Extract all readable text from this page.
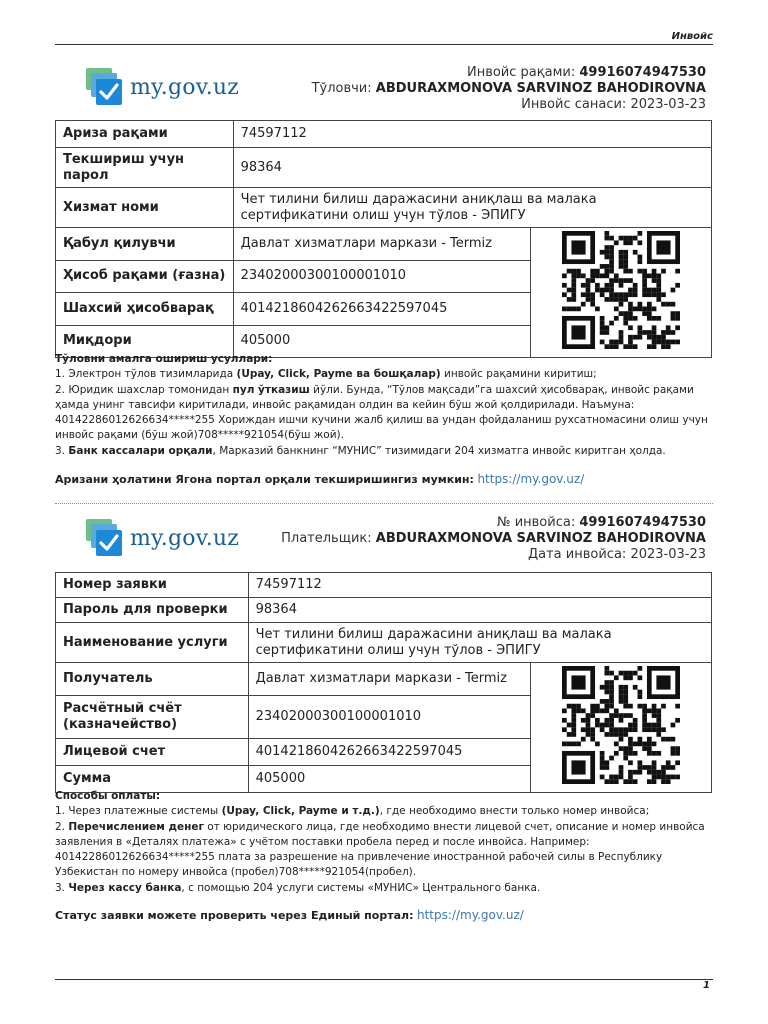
Инвойс
my.gov.uz
Инвойс рақами: 49916074947530
Тўловчи: ABDURAXMONOVA SARVINOZ BAHODIROVNA
Инвойс санаси: 2023-03-23
Ариза рақами	74597112	
Текшириш учун парол	98364	
Хизмат номи	Чет тилини билиш даражасини аниқлаш ва малака сертификатини олиш учун тўлов - ЭПИГУ	
Қабул қилувчи	Давлат хизматлари маркази - Termiz	
Ҳисоб рақами (ғазна)	23402000300100001010	
Шахсий ҳисобварақ	4014218604262663422597045	
Миқдори	405000	
Тўловни амалга ошириш усуллари:
1. Электрон тўлов тизимларида (Upay, Click, Payme ва бошқалар) инвойс рақамини киритиш;
2. Юридик шахслар томонидан пул ўтказиш йўли. Бунда, “Тўлов мақсади”га шахсий ҳисобварақ, инвойс рақами ҳамда унинг тавсифи киритилади, инвойс рақамидан олдин ва кейин бўш жой қолдирилади. Наъмуна: 40142286012626634*****255 Хориждан ишчи кучини жалб қилиш ва ундан фойдаланиш рухсатномасини олиш учун инвойс рақами (бўш жой)708*****921054(бўш жой).
3. Банк кассалари орқали, Марказий банкнинг “МУНИС” тизимидаги 204 хизматга инвойс киритган ҳолда.
Аризани ҳолатини Ягона портал орқали текширишингиз мумкин: https://my.gov.uz/
my.gov.uz
№ инвойса: 49916074947530
Плательщик: ABDURAXMONOVA SARVINOZ BAHODIROVNA
Дата инвойса: 2023-03-23
Номер заявки	74597112	
Пароль для проверки	98364	
Наименование услуги	Чет тилини билиш даражасини аниқлаш ва малака сертификатини олиш учун тўлов - ЭПИГУ	
Получатель	Давлат хизматлари маркази - Termiz	
Расчётный счёт (казначейство)	23402000300100001010	
Лицевой счет	4014218604262663422597045	
Сумма	405000	
Способы оплаты:
1. Через платежные системы (Upay, Click, Payme и т.д.), где необходимо внести только номер инвойса;
2. Перечислением денег от юридического лица, где необходимо внести лицевой счет, описание и номер инвойса заявления в «Деталях платежа» с учётом поставки пробела перед и после инвойса. Например: 40142286012626634*****255 плата за разрешение на привлечение иностранной рабочей силы в Республику Узбекистан по номеру инвойса (пробел)708*****921054(пробел).
3. Через кассу банка, с помощью 204 услуги системы «МУНИС» Центрального банка.
Статус заявки можете проверить через Единый портал: https://my.gov.uz/
1
